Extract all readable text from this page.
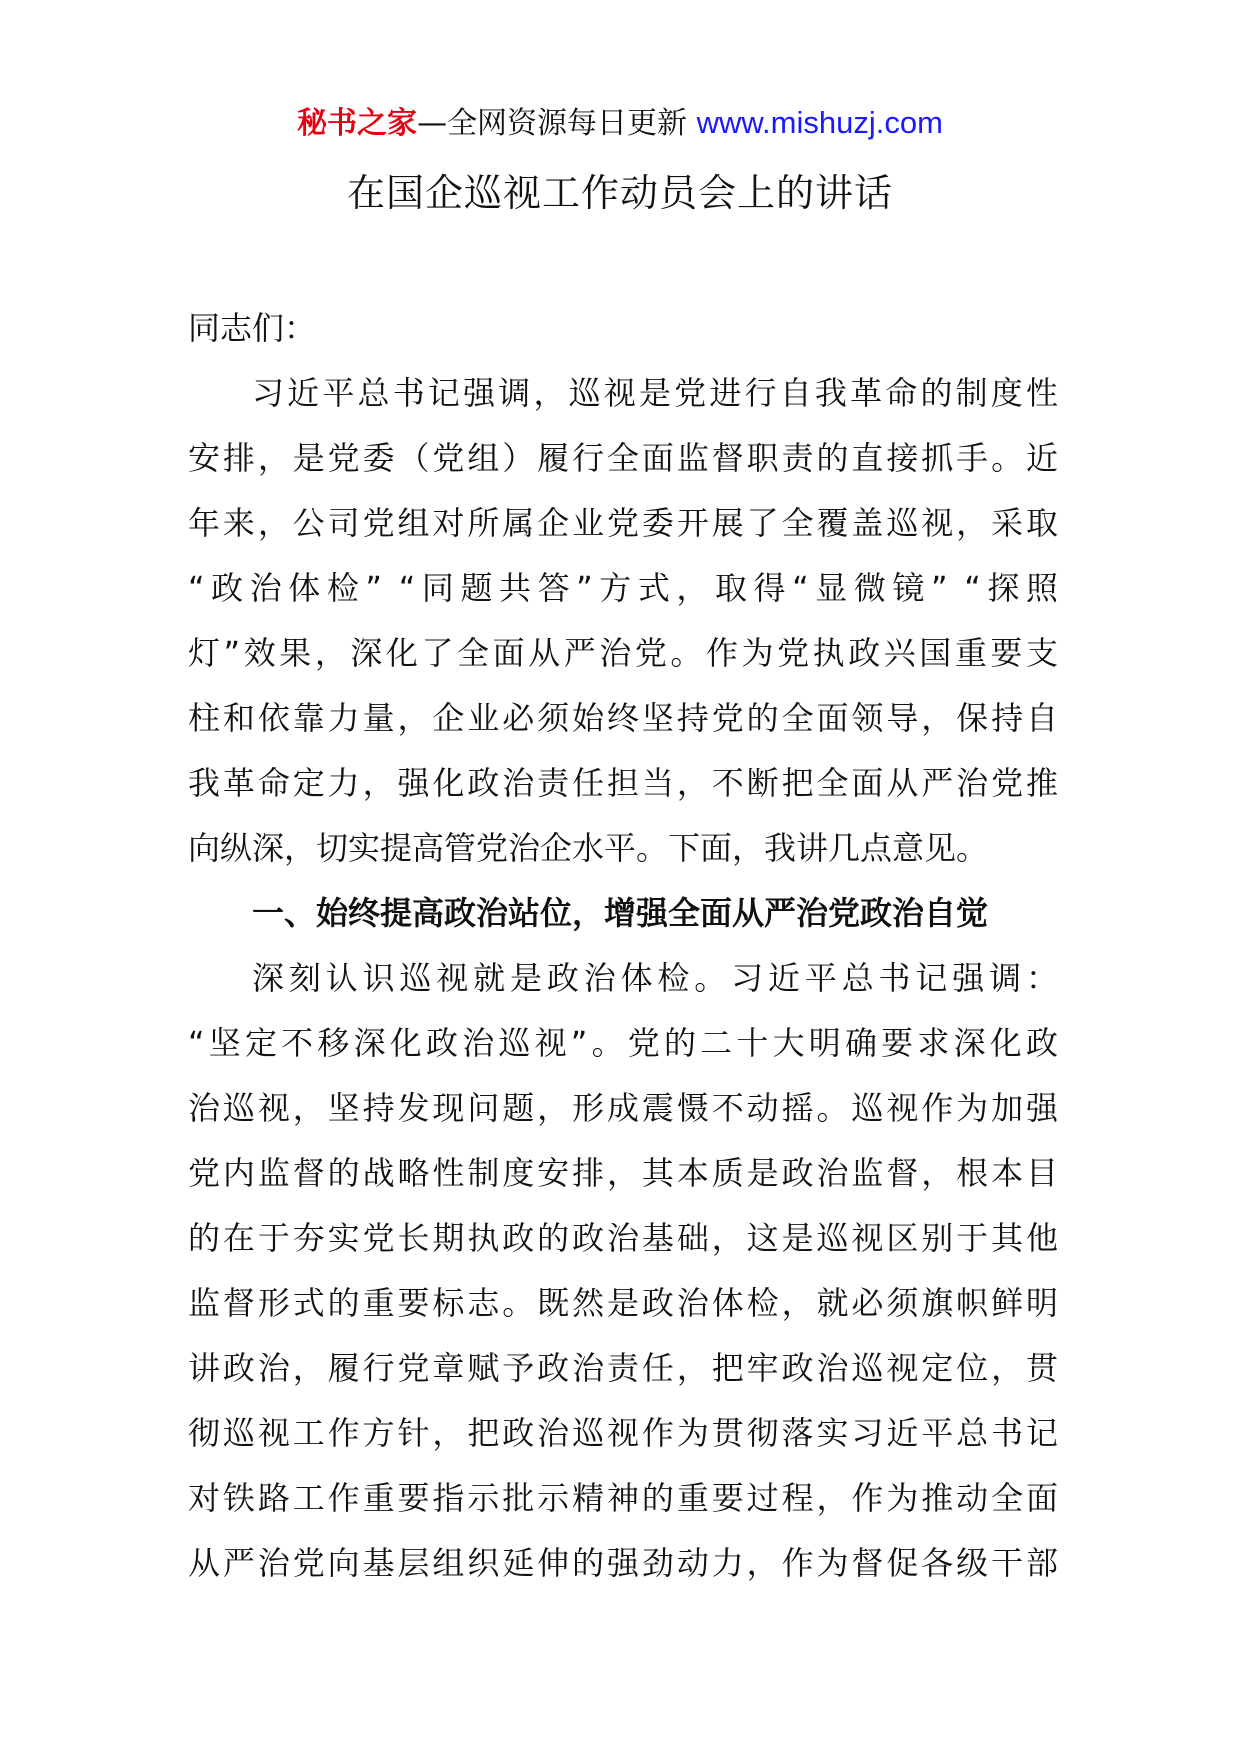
秘书之家—全网资源每日更新 www.mishuzj.com
在国企巡视工作动员会上的讲话
同志们：
习近平总书记强调，巡视是党进行自我革命的制度性
安排，是党委（党组）履行全面监督职责的直接抓手。近
年来，公司党组对所属企业党委开展了全覆盖巡视，采取
“政治体检” “同题共答”方式，取得“显微镜” “探照
灯”效果，深化了全面从严治党。作为党执政兴国重要支
柱和依靠力量，企业必须始终坚持党的全面领导，保持自
我革命定力，强化政治责任担当，不断把全面从严治党推
向纵深，切实提高管党治企水平。下面，我讲几点意见。
一、始终提高政治站位，增强全面从严治党政治自觉
深刻认识巡视就是政治体检。习近平总书记强调：
“坚定不移深化政治巡视”。党的二十大明确要求深化政
治巡视，坚持发现问题，形成震慑不动摇。巡视作为加强
党内监督的战略性制度安排，其本质是政治监督，根本目
的在于夯实党长期执政的政治基础，这是巡视区别于其他
监督形式的重要标志。既然是政治体检，就必须旗帜鲜明
讲政治，履行党章赋予政治责任，把牢政治巡视定位，贯
彻巡视工作方针，把政治巡视作为贯彻落实习近平总书记
对铁路工作重要指示批示精神的重要过程，作为推动全面
从严治党向基层组织延伸的强劲动力，作为督促各级干部
